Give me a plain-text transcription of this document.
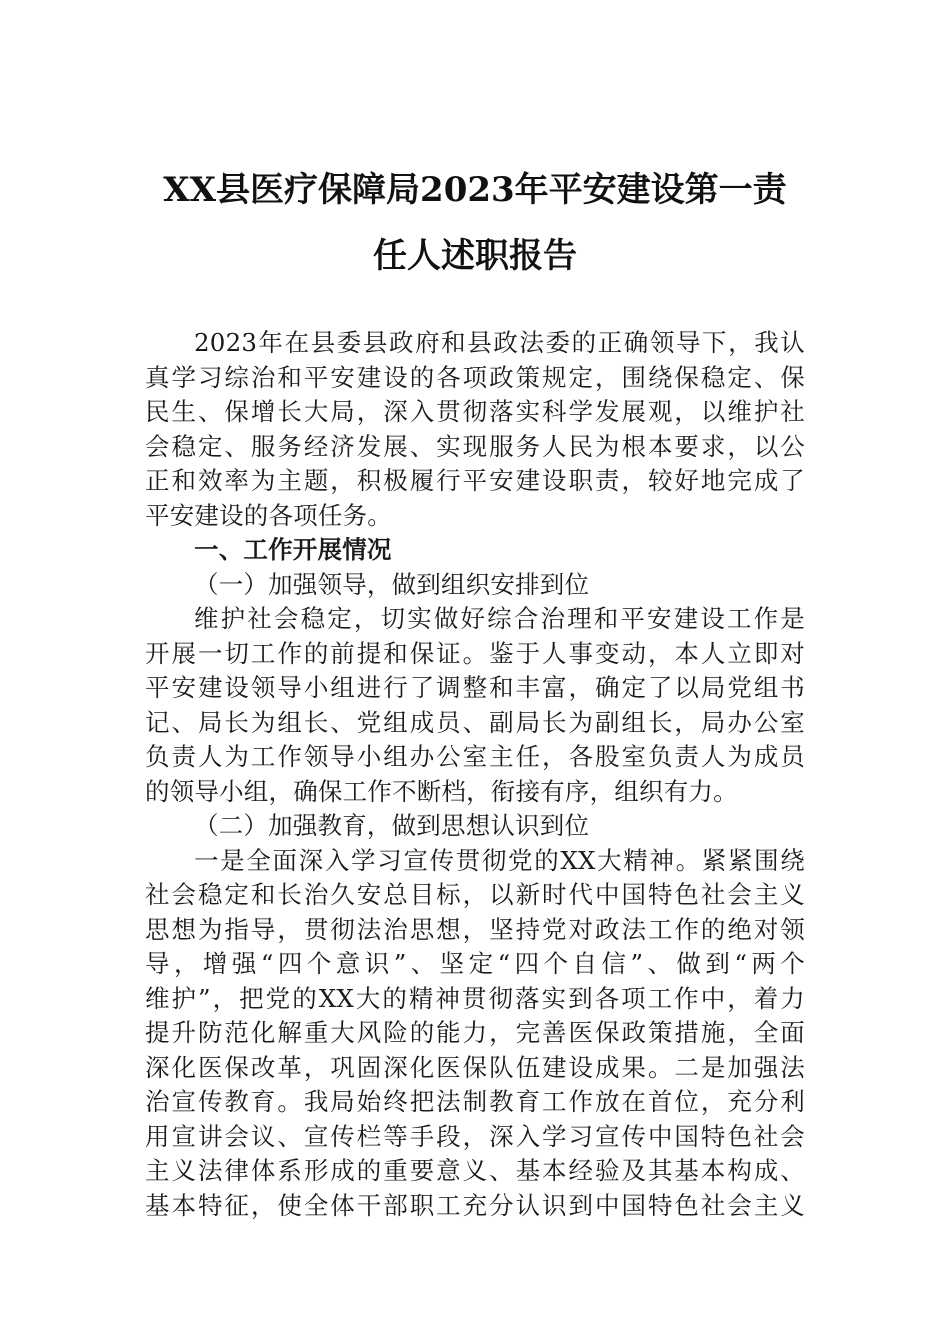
XX县医疗保障局2023年平安建设第一责
任人述职报告
2023年在县委县政府和县政法委的正确领导下，我认
真学习综治和平安建设的各项政策规定，围绕保稳定、保
民生、保增长大局，深入贯彻落实科学发展观，以维护社
会稳定、服务经济发展、实现服务人民为根本要求，以公
正和效率为主题，积极履行平安建设职责，较好地完成了
平安建设的各项任务。
一、工作开展情况
（一）加强领导，做到组织安排到位
维护社会稳定，切实做好综合治理和平安建设工作是
开展一切工作的前提和保证。鉴于人事变动，本人立即对
平安建设领导小组进行了调整和丰富，确定了以局党组书
记、局长为组长、党组成员、副局长为副组长，局办公室
负责人为工作领导小组办公室主任，各股室负责人为成员
的领导小组，确保工作不断档，衔接有序，组织有力。
（二）加强教育，做到思想认识到位
一是全面深入学习宣传贯彻党的XX大精神。紧紧围绕
社会稳定和长治久安总目标，以新时代中国特色社会主义
思想为指导，贯彻法治思想，坚持党对政法工作的绝对领
导，增强“四个意识”、坚定“四个自信”、做到“两个
维护”，把党的XX大的精神贯彻落实到各项工作中，着力
提升防范化解重大风险的能力，完善医保政策措施，全面
深化医保改革，巩固深化医保队伍建设成果。二是加强法
治宣传教育。我局始终把法制教育工作放在首位，充分利
用宣讲会议、宣传栏等手段，深入学习宣传中国特色社会
主义法律体系形成的重要意义、基本经验及其基本构成、
基本特征，使全体干部职工充分认识到中国特色社会主义
